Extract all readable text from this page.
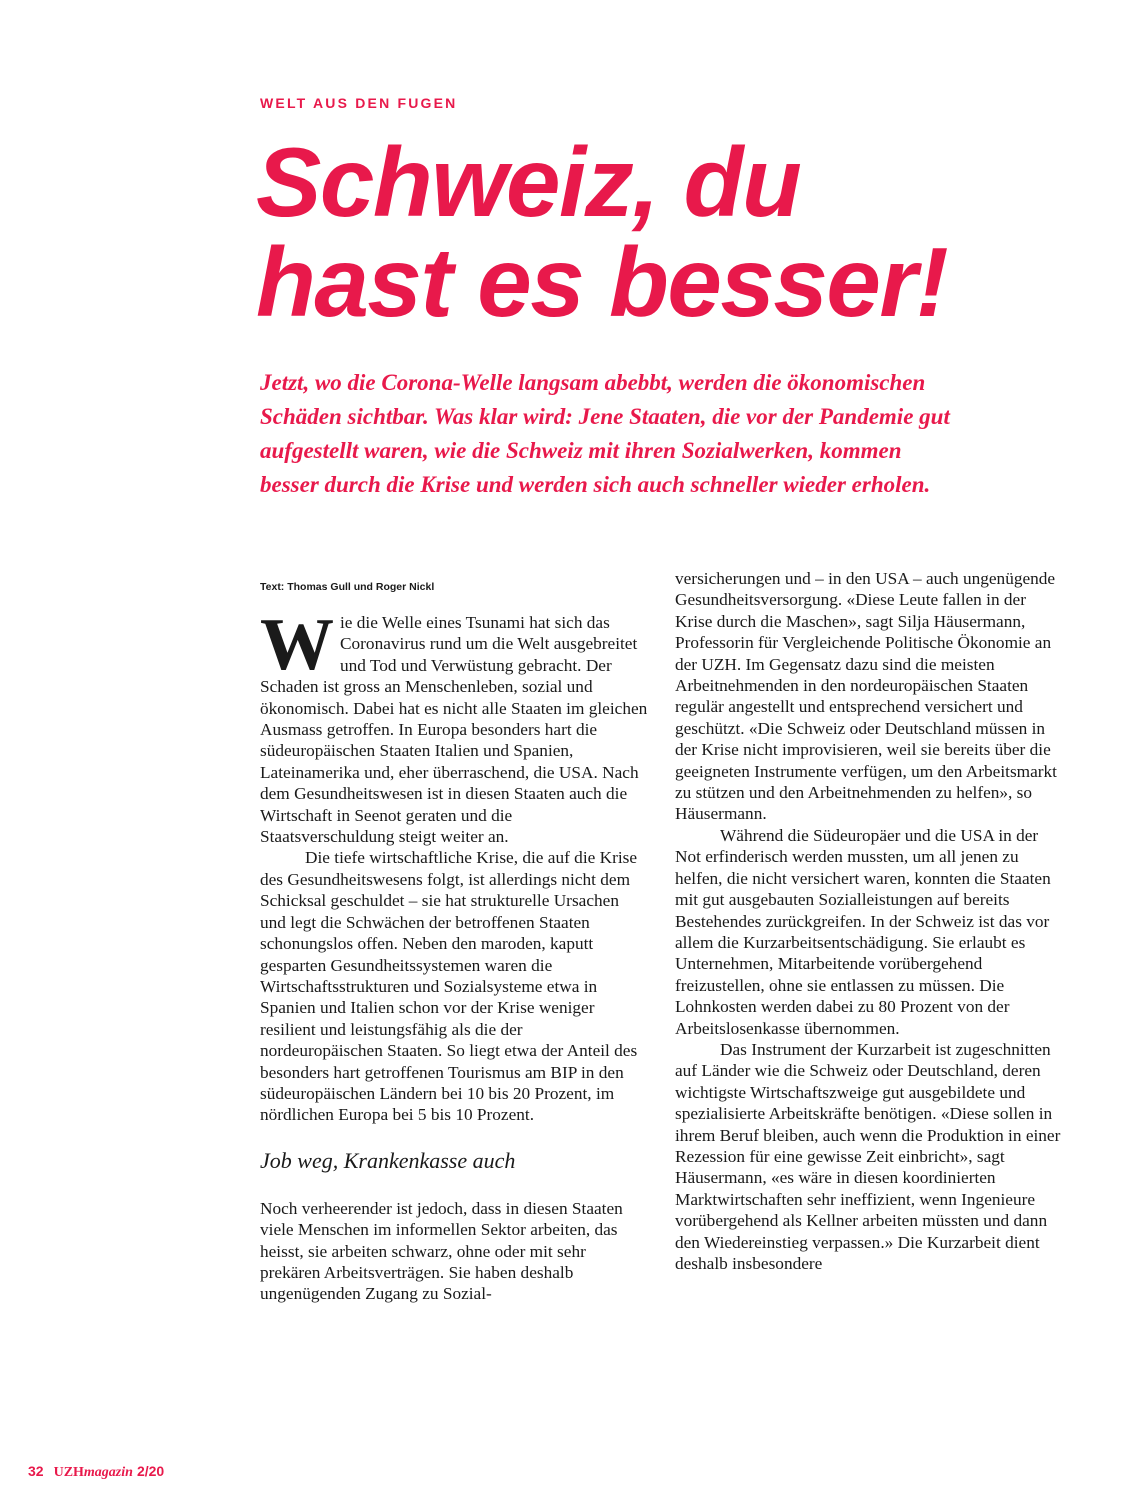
WELT AUS DEN FUGEN
Schweiz, du
hast es besser!

Jetzt, wo die Corona-Welle langsam abebbt, werden die ökonomischen Schäden sichtbar. Was klar wird: Jene Staaten, die vor der Pandemie gut aufgestellt waren, wie die Schweiz mit ihren Sozialwerken, kommen besser durch die Krise und werden sich auch schneller wieder erholen.

Text: Thomas Gull und Roger Nickl

Wie die Welle eines Tsunami hat sich das Coronavirus rund um die Welt ausgebreitet und Tod und Verwüstung gebracht. Der Schaden ist gross an Menschenleben, sozial und ökonomisch. Dabei hat es nicht alle Staaten im gleichen Ausmass getroffen. In Europa besonders hart die südeuropäischen Staaten Italien und Spanien, Lateinamerika und, eher überraschend, die USA. Nach dem Gesundheitswesen ist in diesen Staaten auch die Wirtschaft in Seenot geraten und die Staatsverschuldung steigt weiter an.

Die tiefe wirtschaftliche Krise, die auf die Krise des Gesundheitswesens folgt, ist allerdings nicht dem Schicksal geschuldet – sie hat strukturelle Ursachen und legt die Schwächen der betroffenen Staaten schonungslos offen. Neben den maroden, kaputt gesparten Gesundheitssystemen waren die Wirtschaftsstrukturen und Sozialsysteme etwa in Spanien und Italien schon vor der Krise weniger resilient und leistungsfähig als die der nordeuropäischen Staaten. So liegt etwa der Anteil des besonders hart getroffenen Tourismus am BIP in den südeuropäischen Ländern bei 10 bis 20 Prozent, im nördlichen Europa bei 5 bis 10 Prozent.

Job weg, Krankenkasse auch

Noch verheerender ist jedoch, dass in diesen Staaten viele Menschen im informellen Sektor arbeiten, das heisst, sie arbeiten schwarz, ohne oder mit sehr prekären Arbeitsverträgen. Sie haben deshalb ungenügenden Zugang zu Sozial-

versicherungen und – in den USA – auch ungenügende Gesundheitsversorgung. «Diese Leute fallen in der Krise durch die Maschen», sagt Silja Häusermann, Professorin für Vergleichende Politische Ökonomie an der UZH. Im Gegensatz dazu sind die meisten Arbeitnehmenden in den nordeuropäischen Staaten regulär angestellt und entsprechend versichert und geschützt. «Die Schweiz oder Deutschland müssen in der Krise nicht improvisieren, weil sie bereits über die geeigneten Instrumente verfügen, um den Arbeitsmarkt zu stützen und den Arbeitnehmenden zu helfen», so Häusermann.

Während die Südeuropäer und die USA in der Not erfinderisch werden mussten, um all jenen zu helfen, die nicht versichert waren, konnten die Staaten mit gut ausgebauten Sozialleistungen auf bereits Bestehendes zurückgreifen. In der Schweiz ist das vor allem die Kurzarbeitsentschädigung. Sie erlaubt es Unternehmen, Mitarbeitende vorübergehend freizustellen, ohne sie entlassen zu müssen. Die Lohnkosten werden dabei zu 80 Prozent von der Arbeitslosenkasse übernommen.

Das Instrument der Kurzarbeit ist zugeschnitten auf Länder wie die Schweiz oder Deutschland, deren wichtigste Wirtschaftszweige gut ausgebildete und spezialisierte Arbeitskräfte benötigen. «Diese sollen in ihrem Beruf bleiben, auch wenn die Produktion in einer Rezession für eine gewisse Zeit einbricht», sagt Häusermann, «es wäre in diesen koordinierten Marktwirtschaften sehr ineffizient, wenn Ingenieure vorübergehend als Kellner arbeiten müssten und dann den Wiedereinstieg verpassen.» Die Kurzarbeit dient deshalb insbesondere

32 UZHmagazin 2/20
